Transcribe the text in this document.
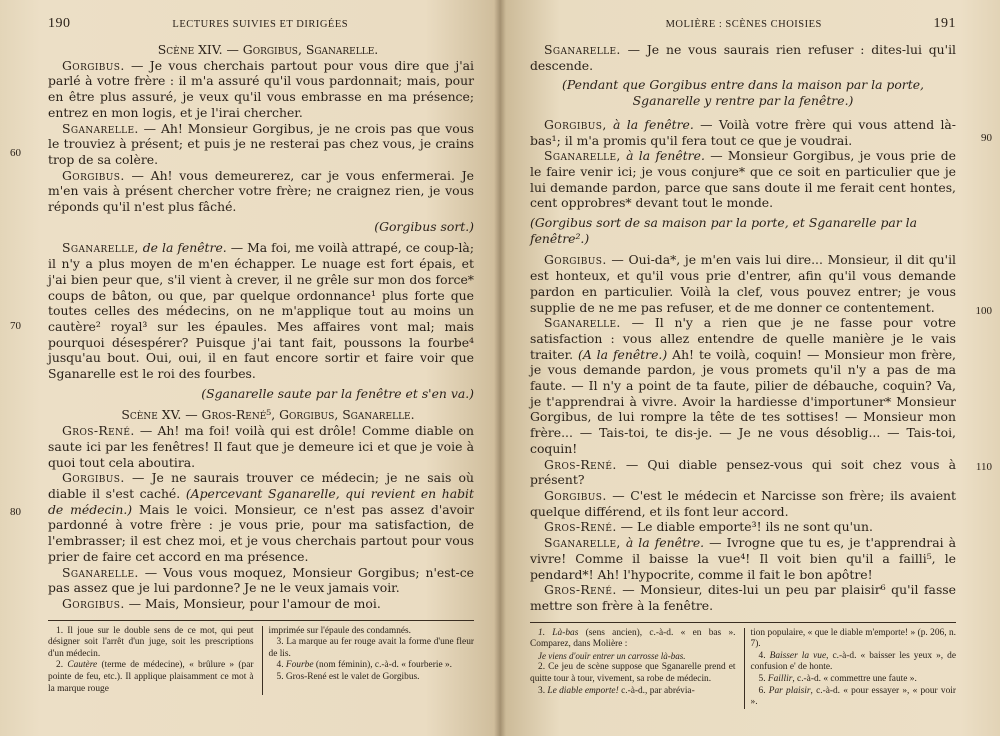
190	LECTURES SUIVIES ET DIRIGÉES
60
70
80

Scène XIV. — Gorgibus, Sganarelle.

Gorgibus. — Je vous cherchais partout pour vous dire que j'ai parlé à votre frère : il m'a assuré qu'il vous pardonnait; mais, pour en être plus assuré, je veux qu'il vous embrasse en ma présence; entrez en mon logis, et je l'irai chercher.

Sganarelle. — Ah! Monsieur Gorgibus, je ne crois pas que vous le trouviez à présent; et puis je ne resterai pas chez vous, je crains trop de sa colère.

Gorgibus. — Ah! vous demeurerez, car je vous enfermerai. Je m'en vais à présent chercher votre frère; ne craignez rien, je vous réponds qu'il n'est plus fâché.

(Gorgibus sort.)

Sganarelle, de la fenêtre. — Ma foi, me voilà attrapé, ce coup-là; il n'y a plus moyen de m'en échapper. Le nuage est fort épais, et j'ai bien peur que, s'il vient à crever, il ne grêle sur mon dos force* coups de bâton, ou que, par quelque ordonnance¹ plus forte que toutes celles des médecins, on ne m'applique tout au moins un cautère² royal³ sur les épaules. Mes affaires vont mal; mais pourquoi désespérer? Puisque j'ai tant fait, poussons la fourbe⁴ jusqu'au bout. Oui, oui, il en faut encore sortir et faire voir que Sganarelle est le roi des fourbes.

(Sganarelle saute par la fenêtre et s'en va.)

Scène XV. — Gros-René⁵, Gorgibus, Sganarelle.

Gros-René. — Ah! ma foi! voilà qui est drôle! Comme diable on saute ici par les fenêtres! Il faut que je demeure ici et que je voie à quoi tout cela aboutira.

Gorgibus. — Je ne saurais trouver ce médecin; je ne sais où diable il s'est caché. (Apercevant Sganarelle, qui revient en habit de médecin.) Mais le voici. Monsieur, ce n'est pas assez d'avoir pardonné à votre frère : je vous prie, pour ma satisfaction, de l'embrasser; il est chez moi, et je vous cherchais partout pour vous prier de faire cet accord en ma présence.

Sganarelle. — Vous vous moquez, Monsieur Gorgibus; n'est-ce pas assez que je lui pardonne? Je ne le veux jamais voir.

Gorgibus. — Mais, Monsieur, pour l'amour de moi.

1. Il joue sur le double sens de ce mot, qui peut désigner soit l'arrêt d'un juge, soit les prescriptions d'un médecin.

2. Cautère (terme de médecine), « brûlure » (par pointe de feu, etc.). Il applique plaisamment ce mot à la marque rouge

imprimée sur l'épaule des condamnés.

3. La marque au fer rouge avait la forme d'une fleur de lis.

4. Fourbe (nom féminin), c.-à-d. « fourberie ».

5. Gros-René est le valet de Gorgibus.

MOLIÈRE : SCÈNES CHOISIES	191
90
100
110

Sganarelle. — Je ne vous saurais rien refuser : dites-lui qu'il descende.

(Pendant que Gorgibus entre dans la maison par la porte, Sganarelle y rentre par la fenêtre.)

Gorgibus, à la fenêtre. — Voilà votre frère qui vous attend là-bas¹; il m'a promis qu'il fera tout ce que je voudrai.

Sganarelle, à la fenêtre. — Monsieur Gorgibus, je vous prie de le faire venir ici; je vous conjure* que ce soit en particulier que je lui demande pardon, parce que sans doute il me ferait cent hontes, cent opprobres* devant tout le monde.

(Gorgibus sort de sa maison par la porte, et Sganarelle par la fenêtre².)

Gorgibus. — Oui-da*, je m'en vais lui dire... Monsieur, il dit qu'il est honteux, et qu'il vous prie d'entrer, afin qu'il vous demande pardon en particulier. Voilà la clef, vous pouvez entrer; je vous supplie de ne me pas refuser, et de me donner ce contentement.

Sganarelle. — Il n'y a rien que je ne fasse pour votre satisfaction : vous allez entendre de quelle manière je le vais traiter. (A la fenêtre.) Ah! te voilà, coquin! — Monsieur mon frère, je vous demande pardon, je vous promets qu'il n'y a pas de ma faute. — Il n'y a point de ta faute, pilier de débauche, coquin? Va, je t'apprendrai à vivre. Avoir la hardiesse d'importuner* Monsieur Gorgibus, de lui rompre la tête de tes sottises! — Monsieur mon frère... — Tais-toi, te dis-je. — Je ne vous désoblig... — Tais-toi, coquin!

Gros-René. — Qui diable pensez-vous qui soit chez vous à présent?

Gorgibus. — C'est le médecin et Narcisse son frère; ils avaient quelque différend, et ils font leur accord.

Gros-René. — Le diable emporte³! ils ne sont qu'un.

Sganarelle, à la fenêtre. — Ivrogne que tu es, je t'apprendrai à vivre! Comme il baisse la vue⁴! Il voit bien qu'il a failli⁵, le pendard*! Ah! l'hypocrite, comme il fait le bon apôtre!

Gros-René. — Monsieur, dites-lui un peu par plaisir⁶ qu'il fasse mettre son frère à la fenêtre.

1. Là-bas (sens ancien), c.-à-d. « en bas ». Comparez, dans Molière :

Je viens d'ouïr entrer un carrosse là-bas.

2. Ce jeu de scène suppose que Sganarelle prend et quitte tour à tour, vivement, sa robe de médecin.

3. Le diable emporte! c.-à-d., par abrévia-

tion populaire, « que le diable m'emporte! » (p. 206, n. 7).

4. Baisser la vue, c.-à-d. « baisser les yeux », de confusion e' de honte.

5. Faillir, c.-à-d. « commettre une faute ».

6. Par plaisir, c.-à-d. « pour essayer », « pour voir ».
